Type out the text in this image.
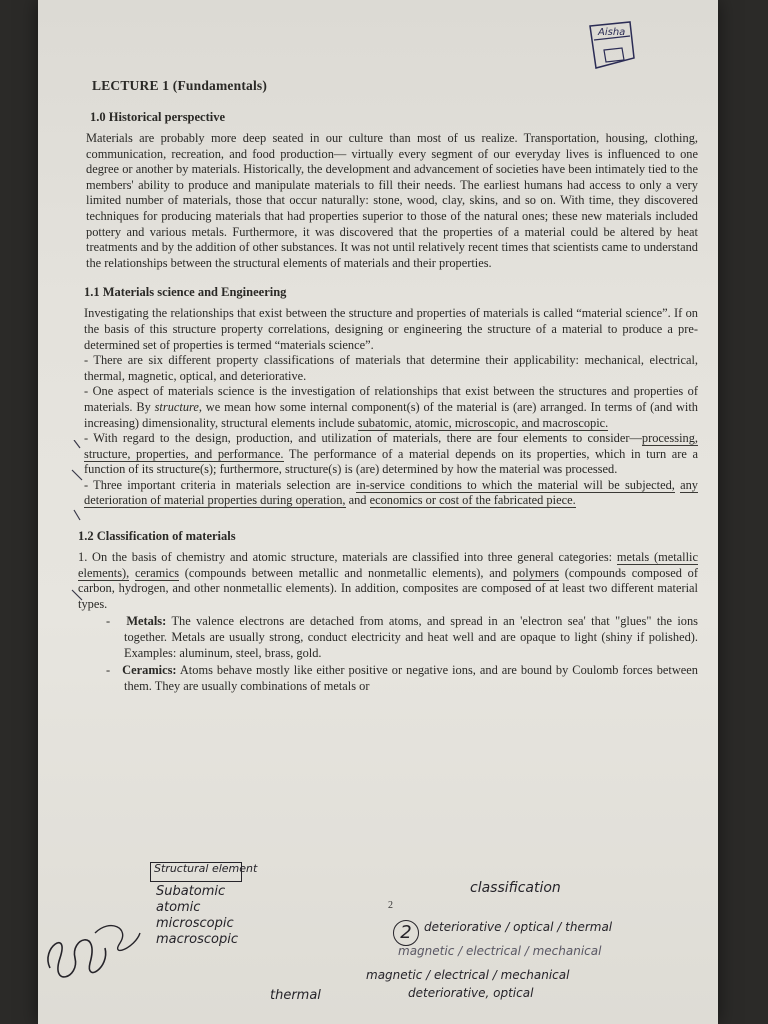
Aisha
LECTURE 1 (Fundamentals)
1.0 Historical perspective

Materials are probably more deep seated in our culture than most of us realize. Transportation, housing, clothing, communication, recreation, and food production— virtually every segment of our everyday lives is influenced to one degree or another by materials. Historically, the development and advancement of societies have been intimately tied to the members' ability to produce and manipulate materials to fill their needs. The earliest humans had access to only a very limited number of materials, those that occur naturally: stone, wood, clay, skins, and so on. With time, they discovered techniques for producing materials that had properties superior to those of the natural ones; these new materials included pottery and various metals. Furthermore, it was discovered that the properties of a material could be altered by heat treatments and by the addition of other substances. It was not until relatively recent times that scientists came to understand the relationships between the structural elements of materials and their properties.

1.1 Materials science and Engineering

Investigating the relationships that exist between the structure and properties of materials is called “material science”. If on the basis of this structure property correlations, designing or engineering the structure of a material to produce a pre-determined set of properties is termed “materials science”.

- There are six different property classifications of materials that determine their applicability: mechanical, electrical, thermal, magnetic, optical, and deteriorative.

- One aspect of materials science is the investigation of relationships that exist between the structures and properties of materials. By structure, we mean how some internal component(s) of the material is (are) arranged. In terms of (and with increasing) dimensionality, structural elements include subatomic, atomic, microscopic, and macroscopic.

- With regard to the design, production, and utilization of materials, there are four elements to consider—processing, structure, properties, and performance. The performance of a material depends on its properties, which in turn are a function of its structure(s); furthermore, structure(s) is (are) determined by how the material was processed.

- Three important criteria in materials selection are in-service conditions to which the material will be subjected, any deterioration of material properties during operation, and economics or cost of the fabricated piece.

1.2 Classification of materials

1. On the basis of chemistry and atomic structure, materials are classified into three general categories: metals (metallic elements), ceramics (compounds between metallic and nonmetallic elements), and polymers (compounds composed of carbon, hydrogen, and other nonmetallic elements). In addition, composites are composed of at least two different material types.

-   Metals: The valence electrons are detached from atoms, and spread in an 'electron sea' that "glues" the ions together. Metals are usually strong, conduct electricity and heat well and are opaque to light (shiny if polished). Examples: aluminum, steel, brass, gold.

-   Ceramics: Atoms behave mostly like either positive or negative ions, and are bound by Coulomb forces between them. They are usually combinations of metals or

2
Structural element
Subatomic
atomic
microscopic
macroscopic
classification
2	deteriorative / optical / thermal
magnetic / electrical / mechanical
magnetic / electrical / mechanical
deteriorative, optical
thermal
